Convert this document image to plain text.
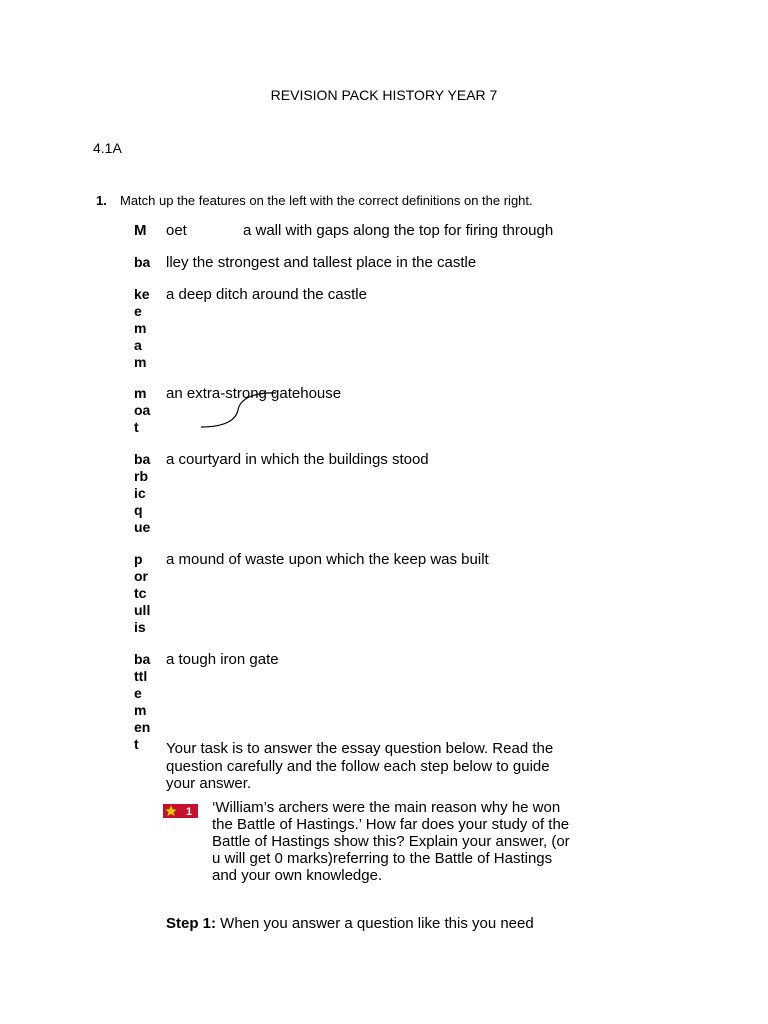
REVISION PACK HISTORY YEAR 7
4.1A
1. Match up the features on the left with the correct definitions on the right.
M oet	a wall with gaps along the top for firing through
ba	lley the strongest and tallest place in the castle
ke
e
m
a
m
a deep ditch around the castle
m
oa
t
an extra-strong gatehouse
ba
rb
ic
q
ue
a courtyard in which the buildings stood
p
or
tc
ull
is
a mound of waste upon which the keep was built
ba
ttl
e
m
en
t
a tough iron gate
Your task is to answer the essay question below. Read the question carefully and the follow each step below to guide your answer.
1 ‘William’s archers were the main reason why he won the Battle of Hastings.’ How far does your study of the Battle of Hastings show this? Explain your answer, (or u will get 0 marks)referring to the Battle of Hastings and your own knowledge.
Step 1: When you answer a question like this you need
